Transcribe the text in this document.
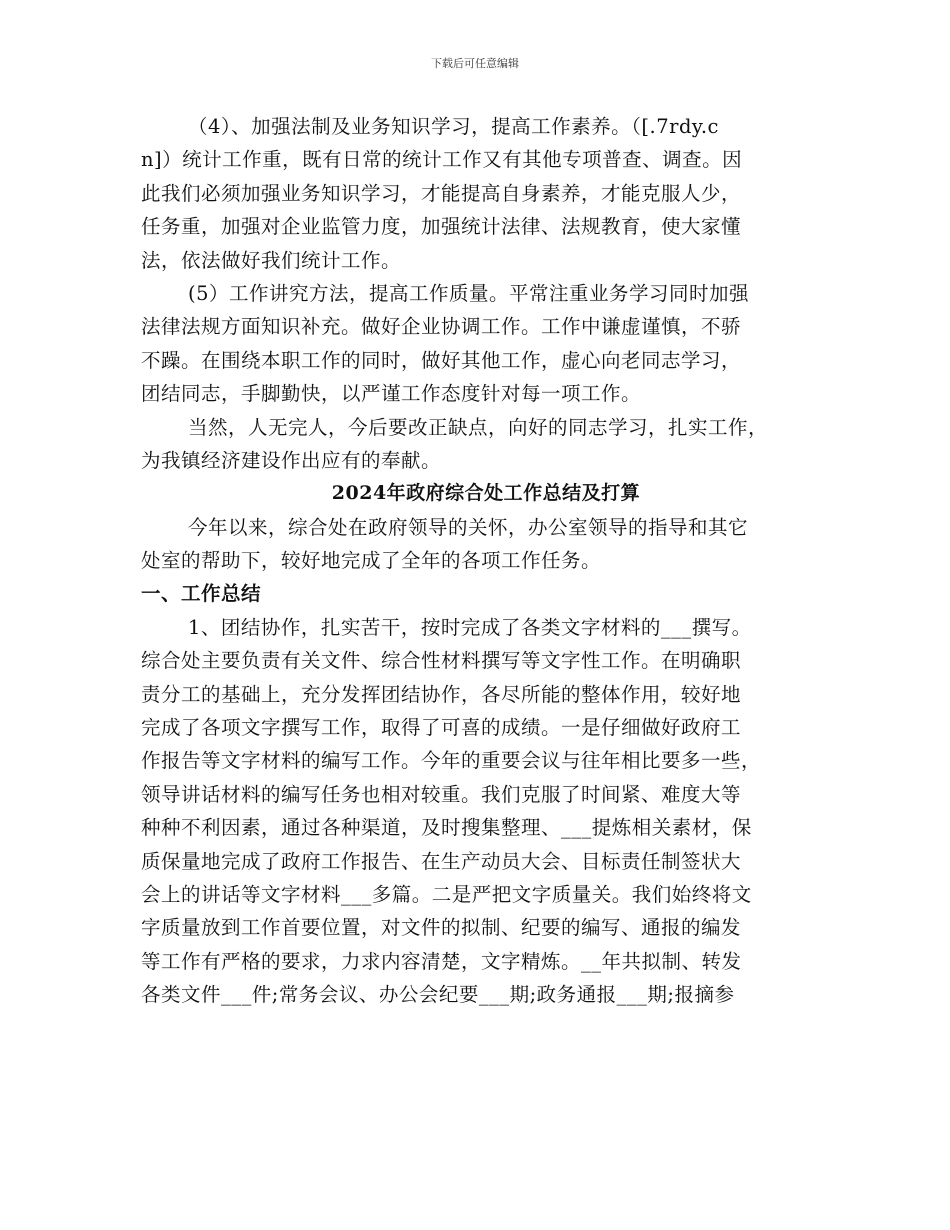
下载后可任意编辑
（4）、加强法制及业务知识学习，提高工作素养。（[.7rdy.c
n]）统计工作重，既有日常的统计工作又有其他专项普查、调查。因
此我们必须加强业务知识学习，才能提高自身素养，才能克服人少，
任务重，加强对企业监管力度，加强统计法律、法规教育，使大家懂
法，依法做好我们统计工作。
(5）工作讲究方法，提高工作质量。平常注重业务学习同时加强
法律法规方面知识补充。做好企业协调工作。工作中谦虚谨慎，不骄
不躁。在围绕本职工作的同时，做好其他工作，虚心向老同志学习，
团结同志，手脚勤快，以严谨工作态度针对每一项工作。
当然，人无完人，今后要改正缺点，向好的同志学习，扎实工作，
为我镇经济建设作出应有的奉献。
2024年政府综合处工作总结及打算
今年以来，综合处在政府领导的关怀，办公室领导的指导和其它
处室的帮助下，较好地完成了全年的各项工作任务。
一、工作总结
1、团结协作，扎实苦干，按时完成了各类文字材料的___撰写。
综合处主要负责有关文件、综合性材料撰写等文字性工作。在明确职
责分工的基础上，充分发挥团结协作，各尽所能的整体作用，较好地
完成了各项文字撰写工作，取得了可喜的成绩。一是仔细做好政府工
作报告等文字材料的编写工作。今年的重要会议与往年相比要多一些，
领导讲话材料的编写任务也相对较重。我们克服了时间紧、难度大等
种种不利因素，通过各种渠道，及时搜集整理、___提炼相关素材，保
质保量地完成了政府工作报告、在生产动员大会、目标责任制签状大
会上的讲话等文字材料___多篇。二是严把文字质量关。我们始终将文
字质量放到工作首要位置，对文件的拟制、纪要的编写、通报的编发
等工作有严格的要求，力求内容清楚，文字精炼。__年共拟制、转发
各类文件___件;常务会议、办公会纪要___期;政务通报___期;报摘参
